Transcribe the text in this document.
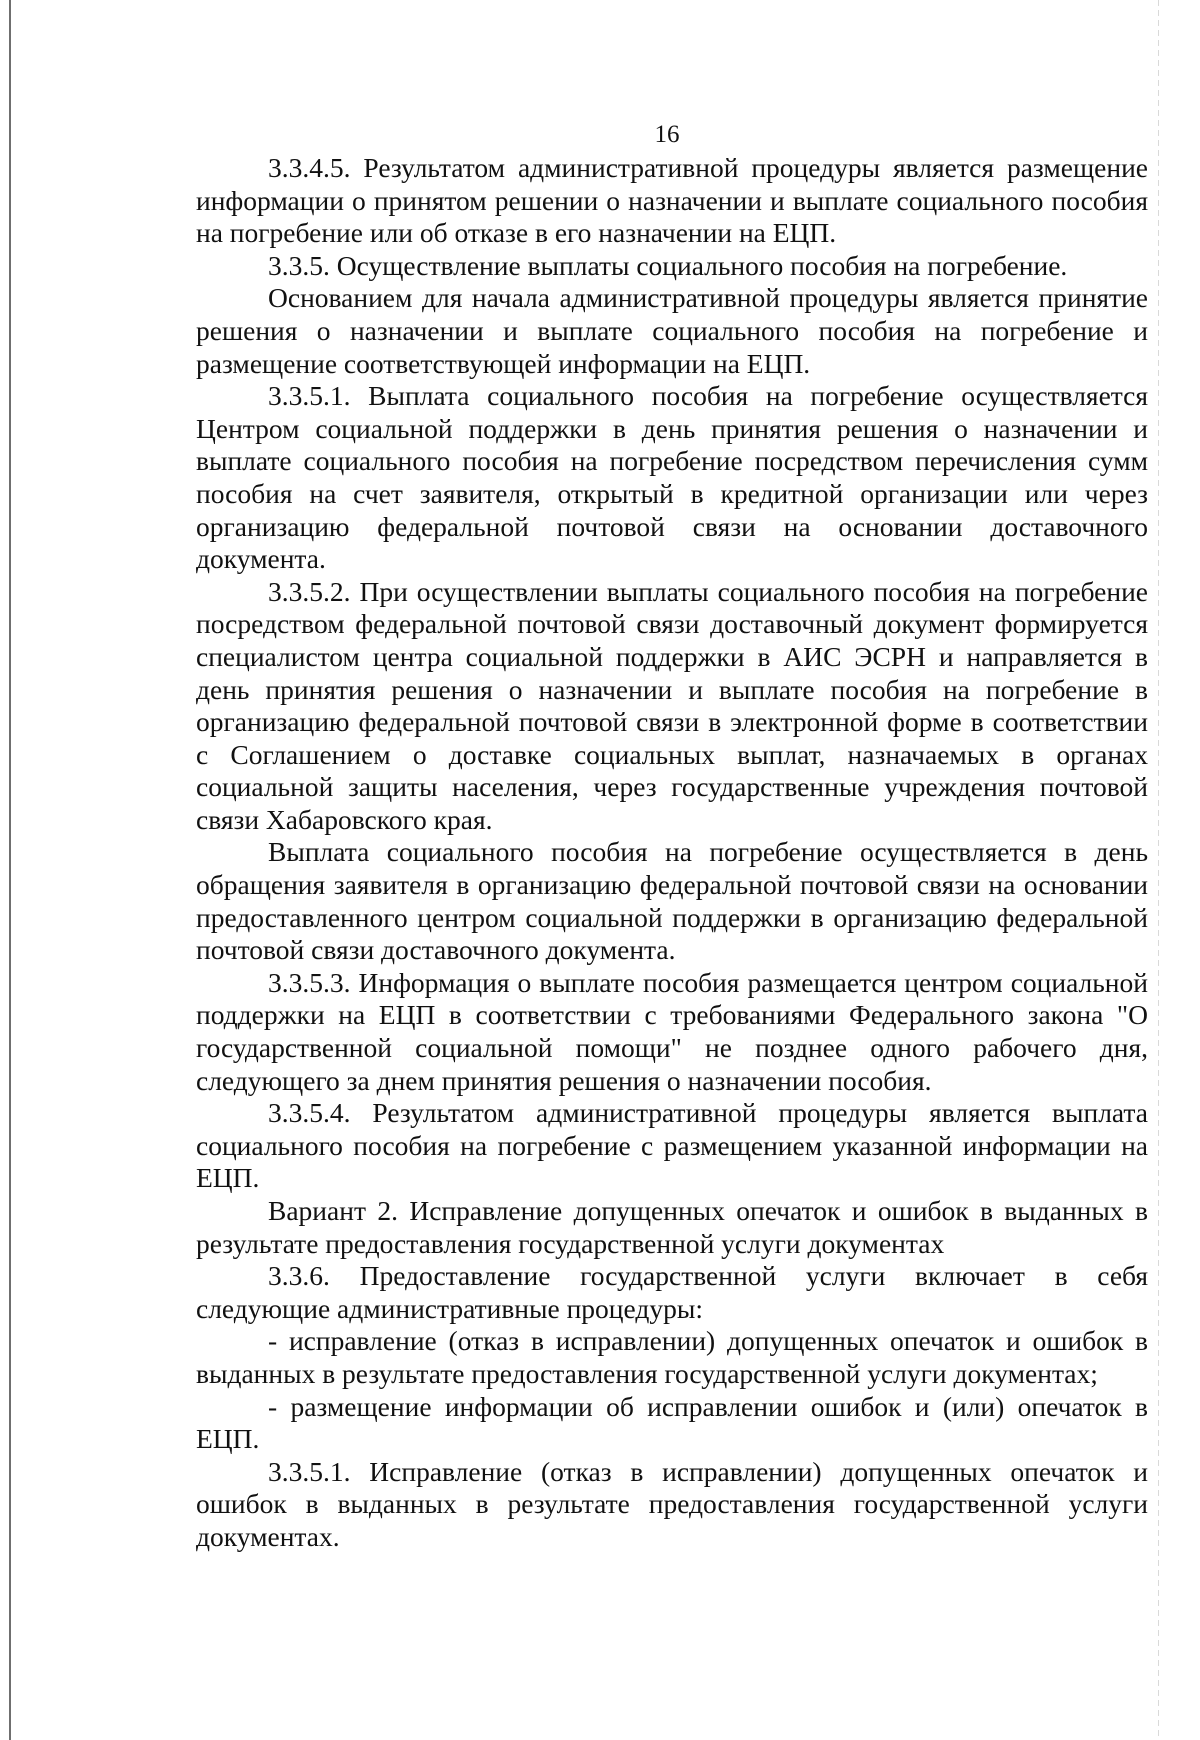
16

3.3.4.5. Результатом административной процедуры является размещение информации о принятом решении о назначении и выплате социального пособия на погребение или об отказе в его назначении на ЕЦП.

3.3.5. Осуществление выплаты социального пособия на погребение.

Основанием для начала административной процедуры является принятие решения о назначении и выплате социального пособия на погребение и размещение соответствующей информации на ЕЦП.

3.3.5.1. Выплата социального пособия на погребение осуществляется Центром социальной поддержки в день принятия решения о назначении и выплате социального пособия на погребение посредством перечисления сумм пособия на счет заявителя, открытый в кредитной организации или через организацию федеральной почтовой связи на основании доставочного документа.

3.3.5.2. При осуществлении выплаты социального пособия на погребение посредством федеральной почтовой связи доставочный документ формируется специалистом центра социальной поддержки в АИС ЭСРН и направляется в день принятия решения о назначении и выплате пособия на погребение в организацию федеральной почтовой связи в электронной форме в соответствии с Соглашением о доставке социальных выплат, назначаемых в органах социальной защиты населения, через государственные учреждения почтовой связи Хабаровского края.

Выплата социального пособия на погребение осуществляется в день обращения заявителя в организацию федеральной почтовой связи на основании предоставленного центром социальной поддержки в организацию федеральной почтовой связи доставочного документа.

3.3.5.3. Информация о выплате пособия размещается центром социальной поддержки на ЕЦП в соответствии с требованиями Федерального закона "О государственной социальной помощи" не позднее одного рабочего дня, следующего за днем принятия решения о назначении пособия.

3.3.5.4. Результатом административной процедуры является выплата социального пособия на погребение с размещением указанной информации на ЕЦП.

Вариант 2. Исправление допущенных опечаток и ошибок в выданных в результате предоставления государственной услуги документах

3.3.6. Предоставление государственной услуги включает в себя следующие административные процедуры:

- исправление (отказ в исправлении) допущенных опечаток и ошибок в выданных в результате предоставления государственной услуги документах;

- размещение информации об исправлении ошибок и (или) опечаток в ЕЦП.

3.3.5.1. Исправление (отказ в исправлении) допущенных опечаток и ошибок в выданных в результате предоставления государственной услуги документах.
